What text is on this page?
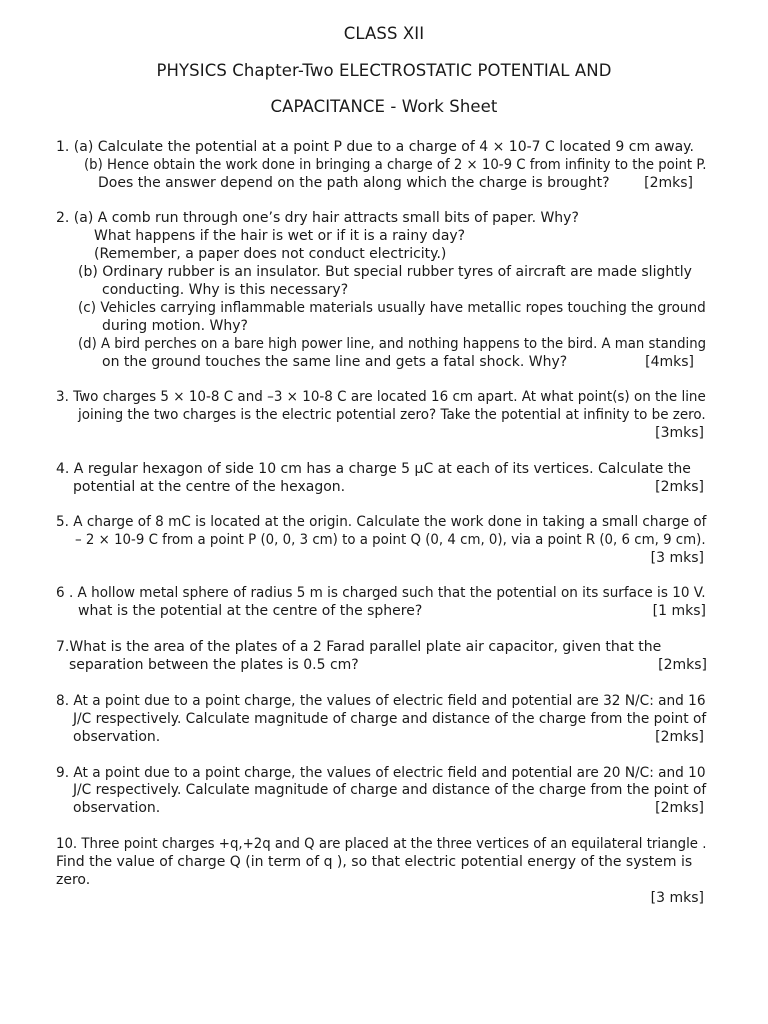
CLASS XII
PHYSICS Chapter-Two ELECTROSTATIC POTENTIAL AND
CAPACITANCE - Work Sheet
1. (a) Calculate the potential at a point P due to a charge of 4 × 10-7 C located 9 cm away.
(b) Hence obtain the work done in bringing a charge of 2 × 10-9 C from infinity to the point P.
Does the answer depend on the path along which the charge is brought? [2mks]
2. (a) A comb run through one’s dry hair attracts small bits of paper. Why?
What happens if the hair is wet or if it is a rainy day?
(Remember, a paper does not conduct electricity.)
(b) Ordinary rubber is an insulator. But special rubber tyres of aircraft are made slightly
conducting. Why is this necessary?
(c) Vehicles carrying inflammable materials usually have metallic ropes touching the ground
during motion. Why?
(d) A bird perches on a bare high power line, and nothing happens to the bird. A man standing
on the ground touches the same line and gets a fatal shock. Why?	[4mks]
3. Two charges 5 × 10-8 C and –3 × 10-8 C are located 16 cm apart. At what point(s) on the line
joining the two charges is the electric potential zero? Take the potential at infinity to be zero.
[3mks]
4. A regular hexagon of side 10 cm has a charge 5 µC at each of its vertices. Calculate the
potential at the centre of the hexagon.	[2mks]
5. A charge of 8 mC is located at the origin. Calculate the work done in taking a small charge of
– 2 × 10-9 C from a point P (0, 0, 3 cm) to a point Q (0, 4 cm, 0), via a point R (0, 6 cm, 9 cm).
[3 mks]
6 . A hollow metal sphere of radius 5 m is charged such that the potential on its surface is 10 V.
what is the potential at the centre of the sphere?	[1 mks]
7.What is the area of the plates of a 2 Farad parallel plate air capacitor, given that the
separation between the plates is 0.5 cm?	[2mks]
8. At a point due to a point charge, the values of electric field and potential are 32 N/C: and 16
J/C respectively. Calculate magnitude of charge and distance of the charge from the point of
observation.	[2mks]
9. At a point due to a point charge, the values of electric field and potential are 20 N/C: and 10
J/C respectively. Calculate magnitude of charge and distance of the charge from the point of
observation.	[2mks]
10. Three point charges +q,+2q and Q are placed at the three vertices of an equilateral triangle .
Find the value of charge Q (in term of q ), so that electric potential energy of the system is
zero.
[3 mks]
